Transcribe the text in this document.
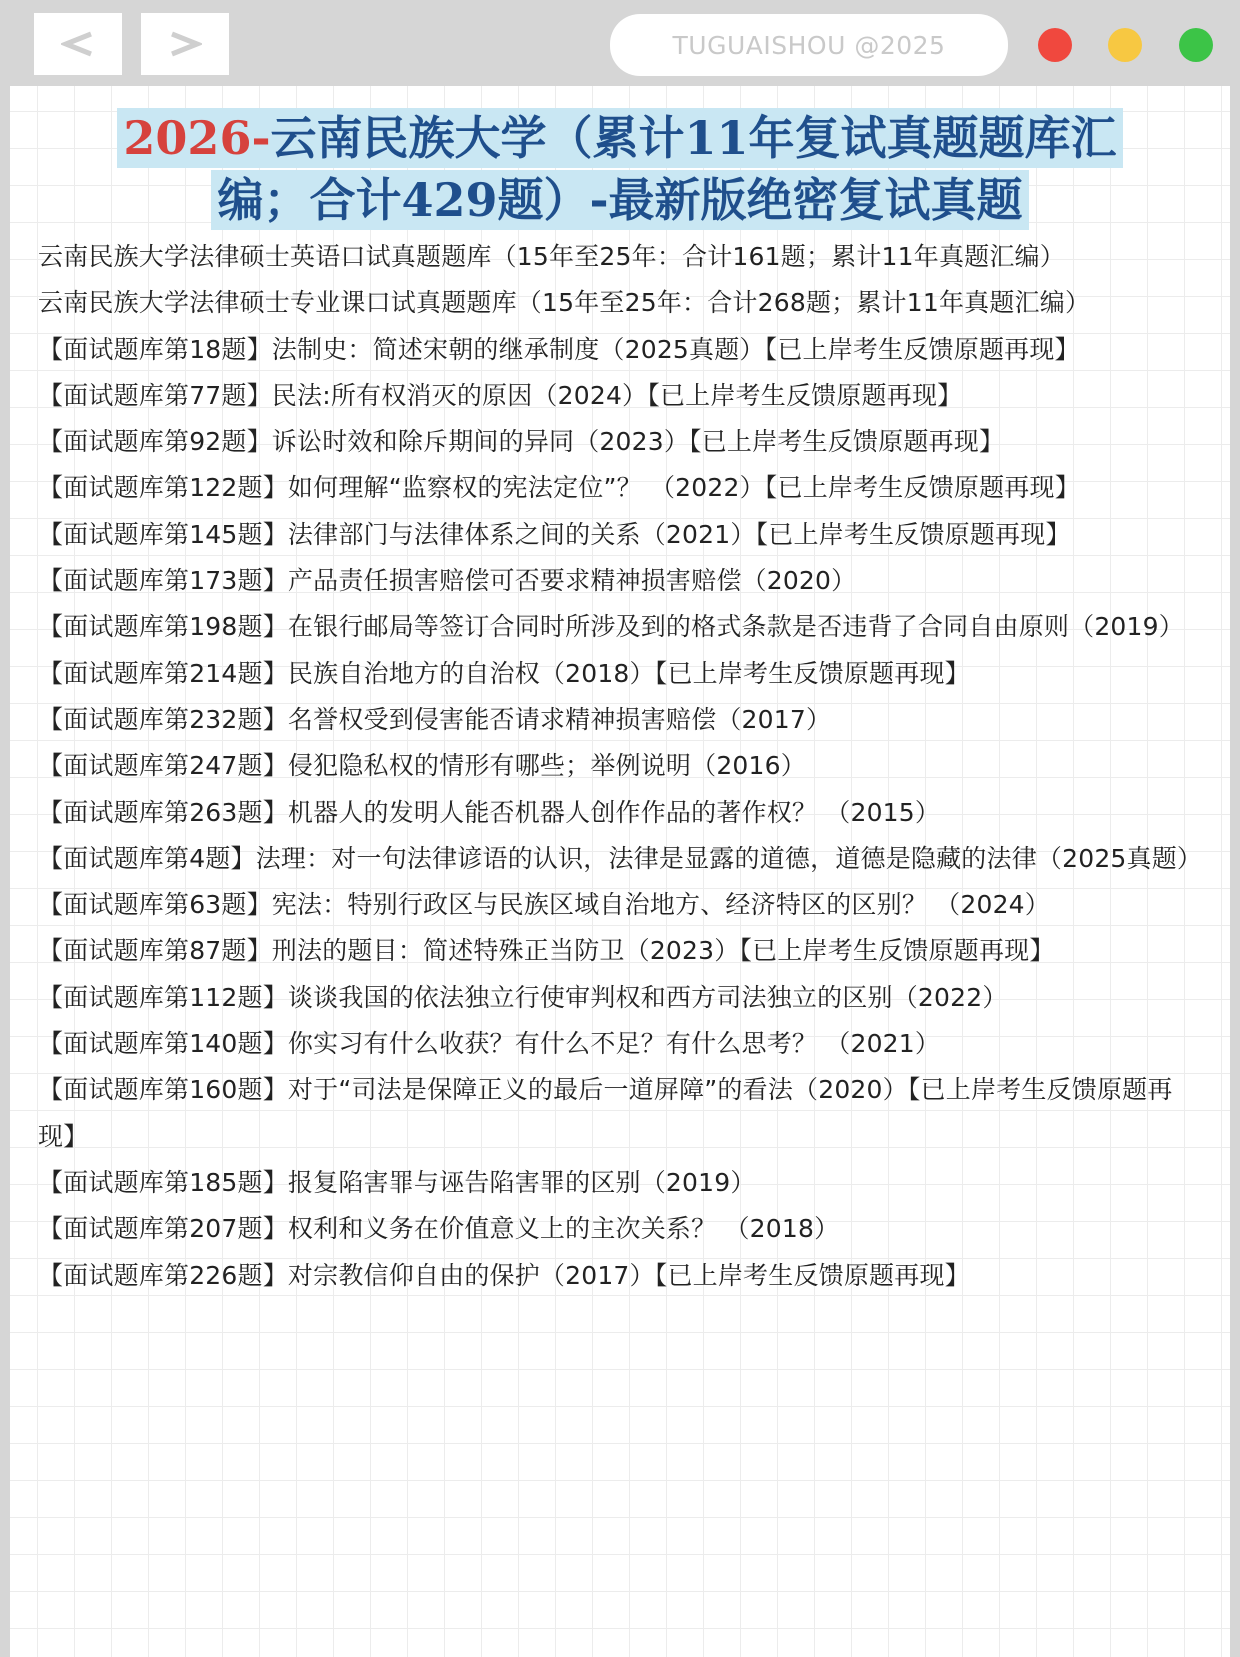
TUGUAISHOU @2025
2026-云南民族大学（累计11年复试真题题库汇
编；合计429题）-最新版绝密复试真题

云南民族大学法律硕士英语口试真题题库（15年至25年：合计161题；累计11年真题汇编）

云南民族大学法律硕士专业课口试真题题库（15年至25年：合计268题；累计11年真题汇编）

【面试题库第18题】法制史：简述宋朝的继承制度（2025真题）【已上岸考生反馈原题再现】

【面试题库第77题】民法:所有权消灭的原因（2024）【已上岸考生反馈原题再现】

【面试题库第92题】诉讼时效和除斥期间的异同（2023）【已上岸考生反馈原题再现】

【面试题库第122题】如何理解“监察权的宪法定位”？ （2022）【已上岸考生反馈原题再现】

【面试题库第145题】法律部门与法律体系之间的关系（2021）【已上岸考生反馈原题再现】

【面试题库第173题】产品责任损害赔偿可否要求精神损害赔偿（2020）

【面试题库第198题】在银行邮局等签订合同时所涉及到的格式条款是否违背了合同自由原则（2019）

【面试题库第214题】民族自治地方的自治权（2018）【已上岸考生反馈原题再现】

【面试题库第232题】名誉权受到侵害能否请求精神损害赔偿（2017）

【面试题库第247题】侵犯隐私权的情形有哪些；举例说明（2016）

【面试题库第263题】机器人的发明人能否机器人创作作品的著作权？ （2015）

【面试题库第4题】法理：对一句法律谚语的认识，法律是显露的道德，道德是隐藏的法律（2025真题）

【面试题库第63题】宪法：特别行政区与民族区域自治地方、经济特区的区别？ （2024）

【面试题库第87题】刑法的题目：简述特殊正当防卫（2023）【已上岸考生反馈原题再现】

【面试题库第112题】谈谈我国的依法独立行使审判权和西方司法独立的区别（2022）

【面试题库第140题】你实习有什么收获？有什么不足？有什么思考？ （2021）

【面试题库第160题】对于“司法是保障正义的最后一道屏障”的看法（2020）【已上岸考生反馈原题再现】

【面试题库第185题】报复陷害罪与诬告陷害罪的区别（2019）

【面试题库第207题】权利和义务在价值意义上的主次关系？ （2018）

【面试题库第226题】对宗教信仰自由的保护（2017）【已上岸考生反馈原题再现】
